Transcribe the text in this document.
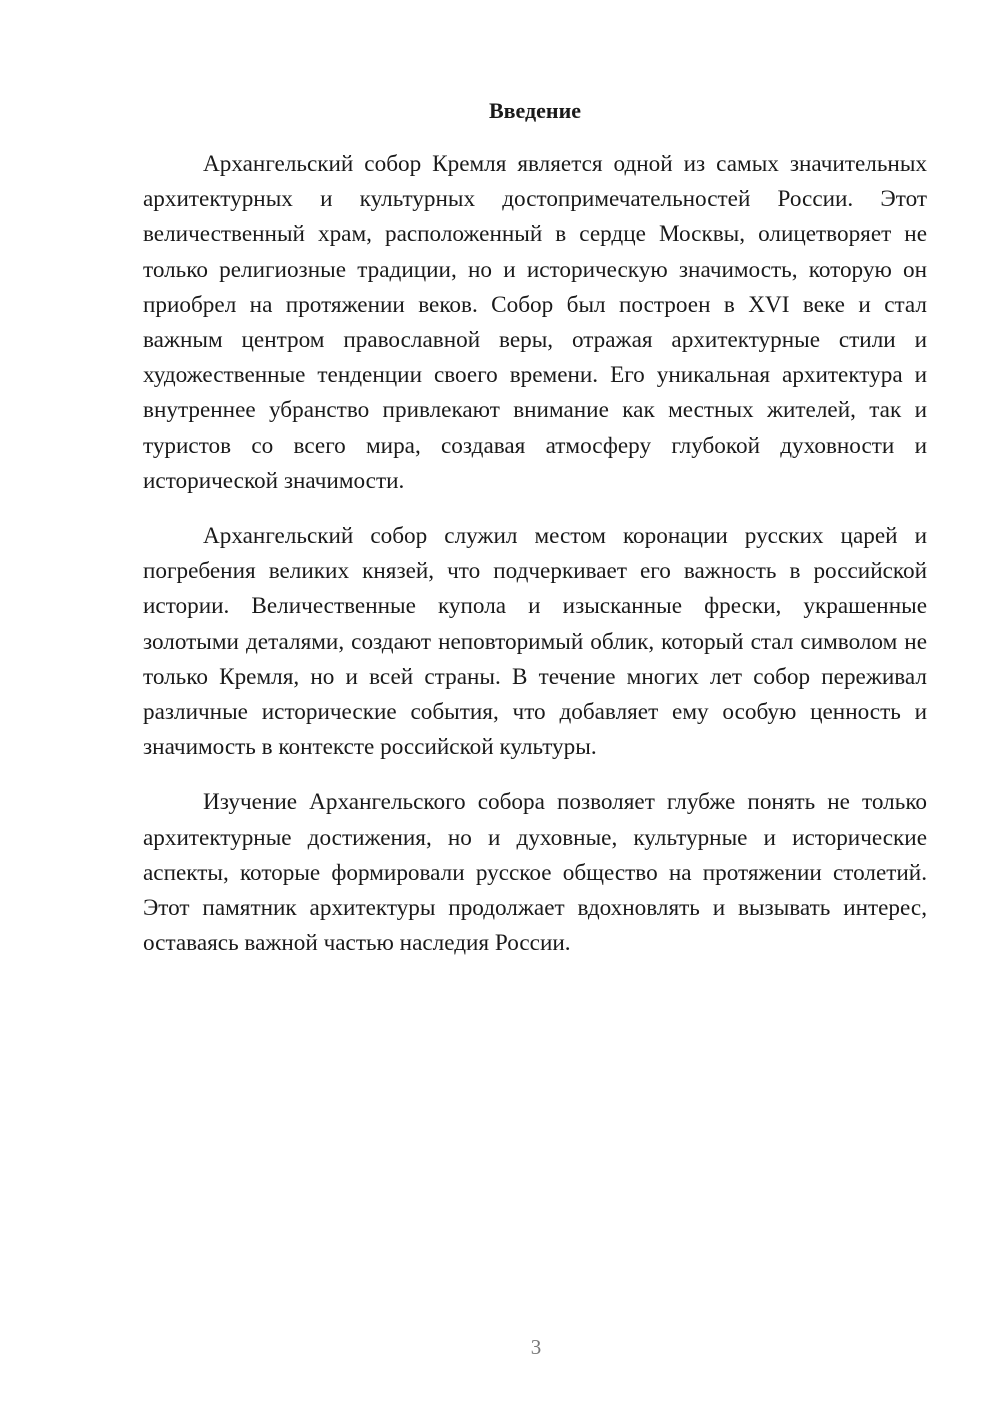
Введение

Архангельский собор Кремля является одной из самых значительных архитектурных и культурных достопримечательностей России. Этот величественный храм, расположенный в сердце Москвы, олицетворяет не только религиозные традиции, но и историческую значимость, которую он приобрел на протяжении веков. Собор был построен в XVI веке и стал важным центром православной веры, отражая архитектурные стили и художественные тенденции своего времени. Его уникальная архитектура и внутреннее убранство привлекают внимание как местных жителей, так и туристов со всего мира, создавая атмосферу глубокой духовности и исторической значимости.

Архангельский собор служил местом коронации русских царей и погребения великих князей, что подчеркивает его важность в российской истории. Величественные купола и изысканные фрески, украшенные золотыми деталями, создают неповторимый облик, который стал символом не только Кремля, но и всей страны. В течение многих лет собор переживал различные исторические события, что добавляет ему особую ценность и значимость в контексте российской культуры.

Изучение Архангельского собора позволяет глубже понять не только архитектурные достижения, но и духовные, культурные и исторические аспекты, которые формировали русское общество на протяжении столетий. Этот памятник архитектуры продолжает вдохновлять и вызывать интерес, оставаясь важной частью наследия России.

3
